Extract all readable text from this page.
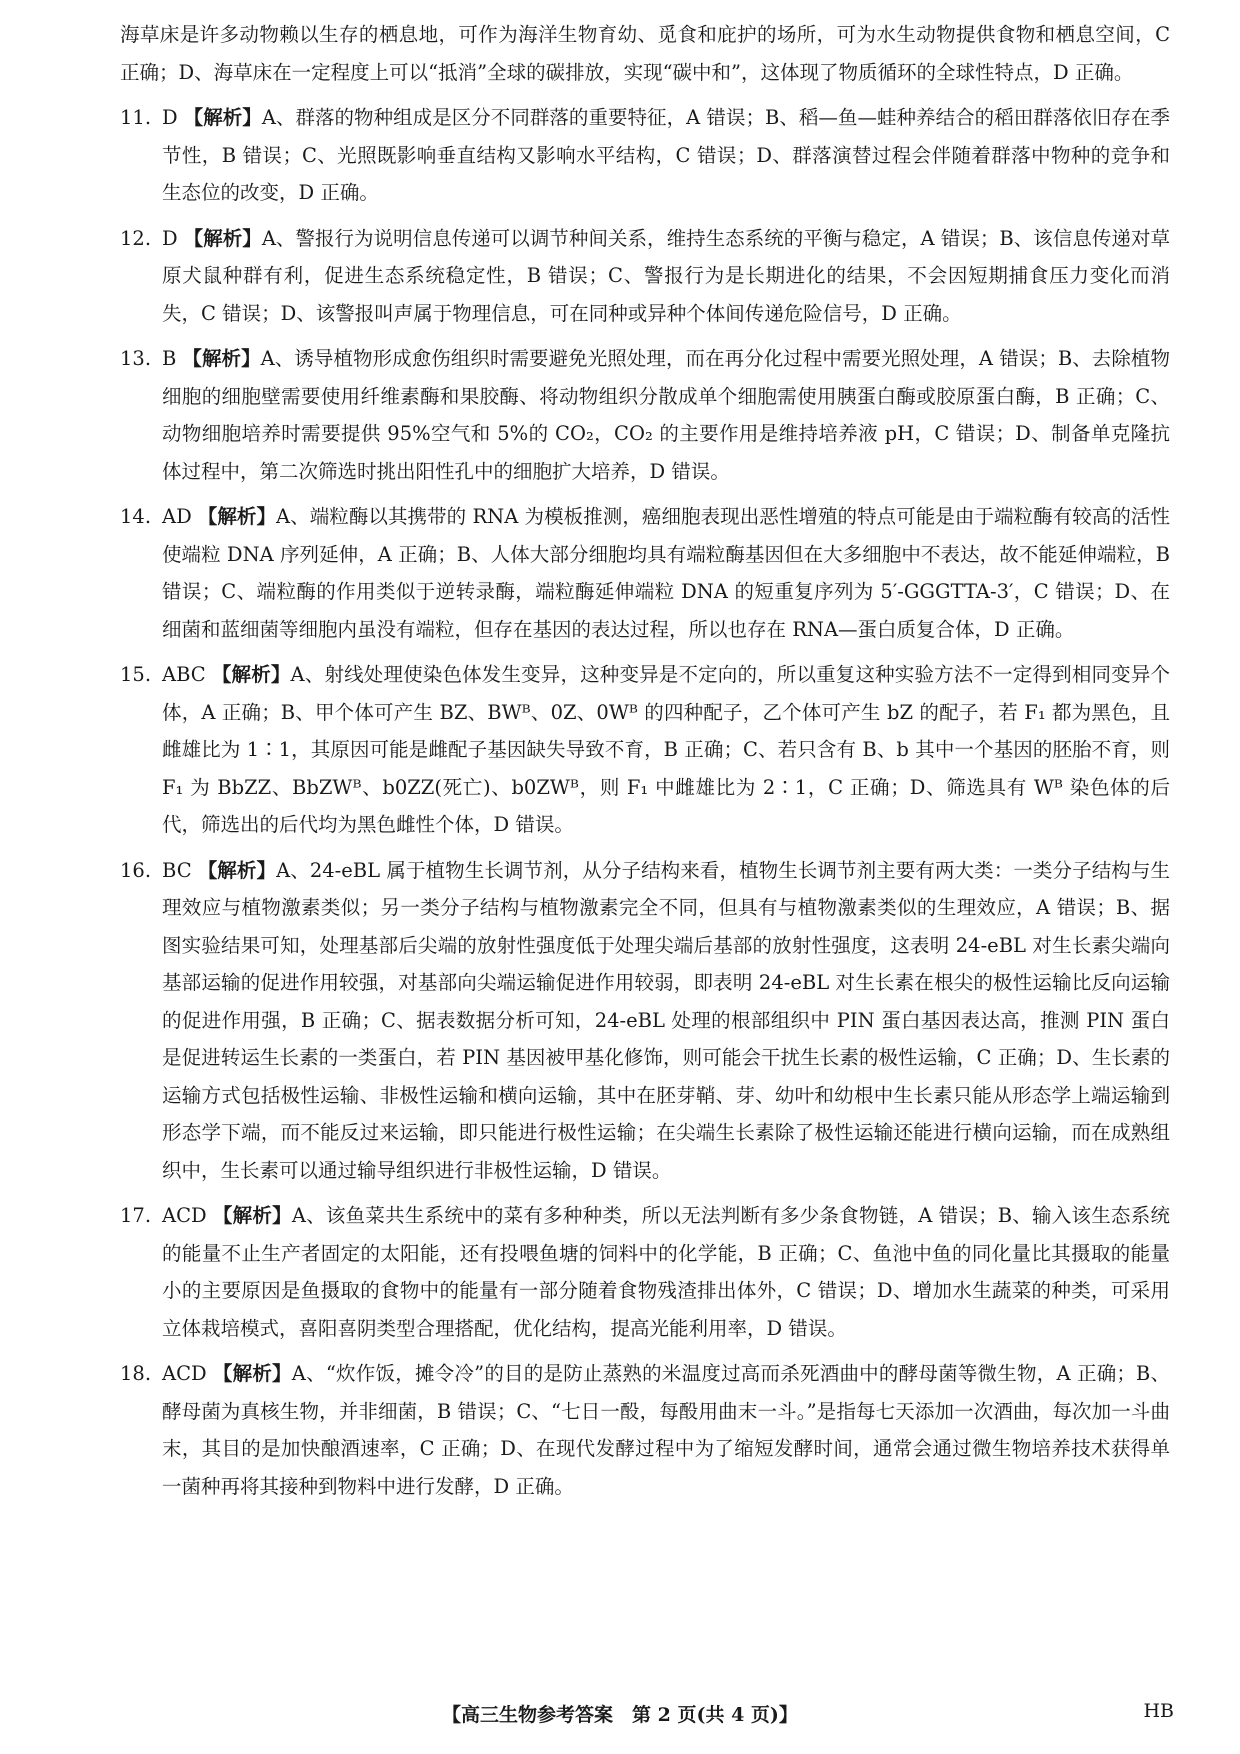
海草床是许多动物赖以生存的栖息地，可作为海洋生物育幼、觅食和庇护的场所，可为水生动物提供食物和栖息空间，C 正确；D、海草床在一定程度上可以“抵消”全球的碳排放，实现“碳中和”，这体现了物质循环的全球性特点，D 正确。

11. D 【解析】A、群落的物种组成是区分不同群落的重要特征，A 错误；B、稻—鱼—蛙种养结合的稻田群落依旧存在季节性，B 错误；C、光照既影响垂直结构又影响水平结构，C 错误；D、群落演替过程会伴随着群落中物种的竞争和生态位的改变，D 正确。

12. D 【解析】A、警报行为说明信息传递可以调节种间关系，维持生态系统的平衡与稳定，A 错误；B、该信息传递对草原犬鼠种群有利，促进生态系统稳定性，B 错误；C、警报行为是长期进化的结果，不会因短期捕食压力变化而消失，C 错误；D、该警报叫声属于物理信息，可在同种或异种个体间传递危险信号，D 正确。

13. B 【解析】A、诱导植物形成愈伤组织时需要避免光照处理，而在再分化过程中需要光照处理，A 错误；B、去除植物细胞的细胞壁需要使用纤维素酶和果胶酶、将动物组织分散成单个细胞需使用胰蛋白酶或胶原蛋白酶，B 正确；C、动物细胞培养时需要提供 95%空气和 5%的 CO₂，CO₂ 的主要作用是维持培养液 pH，C 错误；D、制备单克隆抗体过程中，第二次筛选时挑出阳性孔中的细胞扩大培养，D 错误。

14. AD 【解析】A、端粒酶以其携带的 RNA 为模板推测，癌细胞表现出恶性增殖的特点可能是由于端粒酶有较高的活性使端粒 DNA 序列延伸，A 正确；B、人体大部分细胞均具有端粒酶基因但在大多细胞中不表达，故不能延伸端粒，B 错误；C、端粒酶的作用类似于逆转录酶，端粒酶延伸端粒 DNA 的短重复序列为 5′-GGGTTA-3′，C 错误；D、在细菌和蓝细菌等细胞内虽没有端粒，但存在基因的表达过程，所以也存在 RNA—蛋白质复合体，D 正确。

15. ABC 【解析】A、射线处理使染色体发生变异，这种变异是不定向的，所以重复这种实验方法不一定得到相同变异个体，A 正确；B、甲个体可产生 BZ、BWᴮ、0Z、0Wᴮ 的四种配子，乙个体可产生 bZ 的配子，若 F₁ 都为黑色，且雌雄比为 1∶1，其原因可能是雌配子基因缺失导致不育，B 正确；C、若只含有 B、b 其中一个基因的胚胎不育，则 F₁ 为 BbZZ、BbZWᴮ、b0ZZ(死亡)、b0ZWᴮ，则 F₁ 中雌雄比为 2∶1，C 正确；D、筛选具有 Wᴮ 染色体的后代，筛选出的后代均为黑色雌性个体，D 错误。

16. BC 【解析】A、24-eBL 属于植物生长调节剂，从分子结构来看，植物生长调节剂主要有两大类：一类分子结构与生理效应与植物激素类似；另一类分子结构与植物激素完全不同，但具有与植物激素类似的生理效应，A 错误；B、据图实验结果可知，处理基部后尖端的放射性强度低于处理尖端后基部的放射性强度，这表明 24-eBL 对生长素尖端向基部运输的促进作用较强，对基部向尖端运输促进作用较弱，即表明 24-eBL 对生长素在根尖的极性运输比反向运输的促进作用强，B 正确；C、据表数据分析可知，24-eBL 处理的根部组织中 PIN 蛋白基因表达高，推测 PIN 蛋白是促进转运生长素的一类蛋白，若 PIN 基因被甲基化修饰，则可能会干扰生长素的极性运输，C 正确；D、生长素的运输方式包括极性运输、非极性运输和横向运输，其中在胚芽鞘、芽、幼叶和幼根中生长素只能从形态学上端运输到形态学下端，而不能反过来运输，即只能进行极性运输；在尖端生长素除了极性运输还能进行横向运输，而在成熟组织中，生长素可以通过输导组织进行非极性运输，D 错误。

17. ACD 【解析】A、该鱼菜共生系统中的菜有多种种类，所以无法判断有多少条食物链，A 错误；B、输入该生态系统的能量不止生产者固定的太阳能，还有投喂鱼塘的饲料中的化学能，B 正确；C、鱼池中鱼的同化量比其摄取的能量小的主要原因是鱼摄取的食物中的能量有一部分随着食物残渣排出体外，C 错误；D、增加水生蔬菜的种类，可采用立体栽培模式，喜阳喜阴类型合理搭配，优化结构，提高光能利用率，D 错误。

18. ACD 【解析】A、“炊作饭，摊令冷”的目的是防止蒸熟的米温度过高而杀死酒曲中的酵母菌等微生物，A 正确；B、酵母菌为真核生物，并非细菌，B 错误；C、“七日一酘，每酘用曲末一斗。”是指每七天添加一次酒曲，每次加一斗曲末，其目的是加快酿酒速率，C 正确；D、在现代发酵过程中为了缩短发酵时间，通常会通过微生物培养技术获得单一菌种再将其接种到物料中进行发酵，D 正确。

【高三生物参考答案　第 2 页(共 4 页)】	HB
